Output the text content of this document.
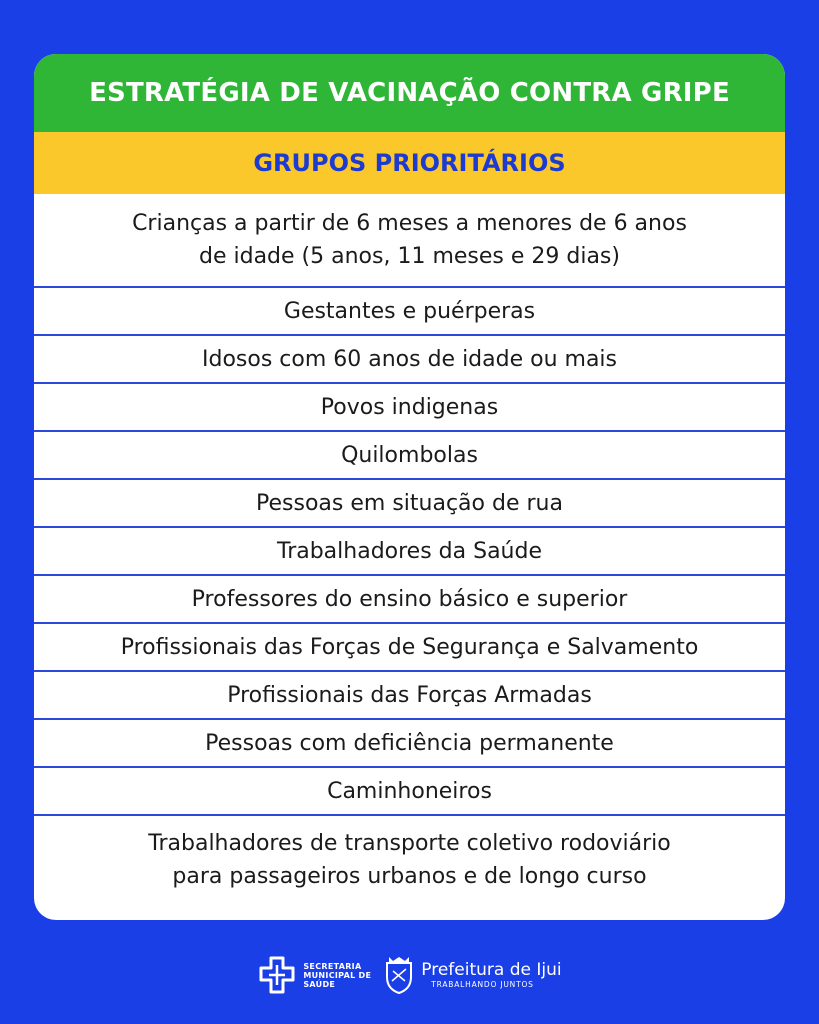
ESTRATÉGIA DE VACINAÇÃO CONTRA GRIPE
GRUPOS PRIORITÁRIOS
Crianças a partir de 6 meses a menores de 6 anos
de idade (5 anos, 11 meses e 29 dias)
Gestantes e puérperas
Idosos com 60 anos de idade ou mais
Povos indigenas
Quilombolas
Pessoas em situação de rua
Trabalhadores da Saúde
Professores do ensino básico e superior
Profissionais das Forças de Segurança e Salvamento
Profissionais das Forças Armadas
Pessoas com deficiência permanente
Caminhoneiros
Trabalhadores de transporte coletivo rodoviário
para passageiros urbanos e de longo curso
SECRETARIA
MUNICIPAL DE
SAÚDE
Prefeitura de Ijui
TRABALHANDO JUNTOS
